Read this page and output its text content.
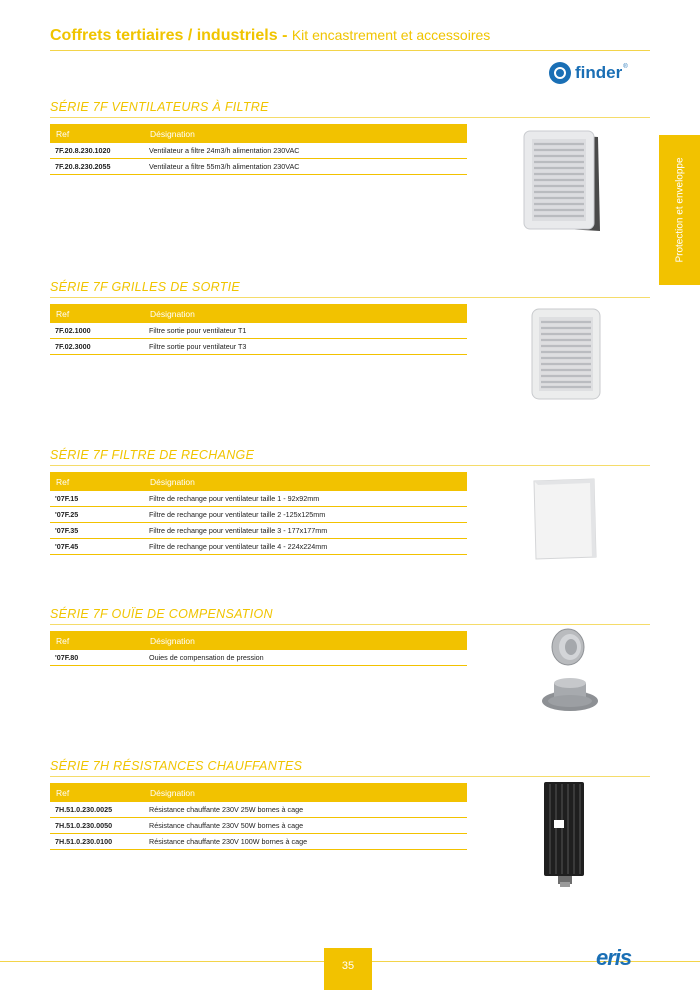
Coffrets tertiaires / industriels - Kit encastrement et accessoires
finder ®
Protection et enveloppe
SÉRIE 7F VENTILATEURS À FILTRE
Ref	Désignation
7F.20.8.230.1020	Ventilateur a filtre 24m3/h alimentation 230VAC
7F.20.8.230.2055	Ventilateur a filtre 55m3/h alimentation 230VAC
SÉRIE 7F GRILLES DE SORTIE
Ref	Désignation
7F.02.1000	Filtre sortie pour ventilateur T1
7F.02.3000	Filtre sortie pour ventilateur T3
SÉRIE 7F FILTRE DE RECHANGE
Ref	Désignation
'07F.15	Filtre de rechange pour ventilateur taille 1 - 92x92mm
'07F.25	Filtre de rechange pour ventilateur taille 2 -125x125mm
'07F.35	Filtre de rechange pour ventilateur taille 3 - 177x177mm
'07F.45	Filtre de rechange pour ventilateur taille 4 - 224x224mm
SÉRIE 7F OUÏE DE COMPENSATION
Ref	Désignation
'07F.80	Ouies de compensation de pression
SÉRIE 7H RÉSISTANCES CHAUFFANTES
Ref	Désignation
7H.51.0.230.0025	Résistance chauffante 230V 25W bornes à cage
7H.51.0.230.0050	Résistance chauffante 230V 50W bornes à cage
7H.51.0.230.0100	Résistance chauffante 230V 100W bornes à cage
35	eris
